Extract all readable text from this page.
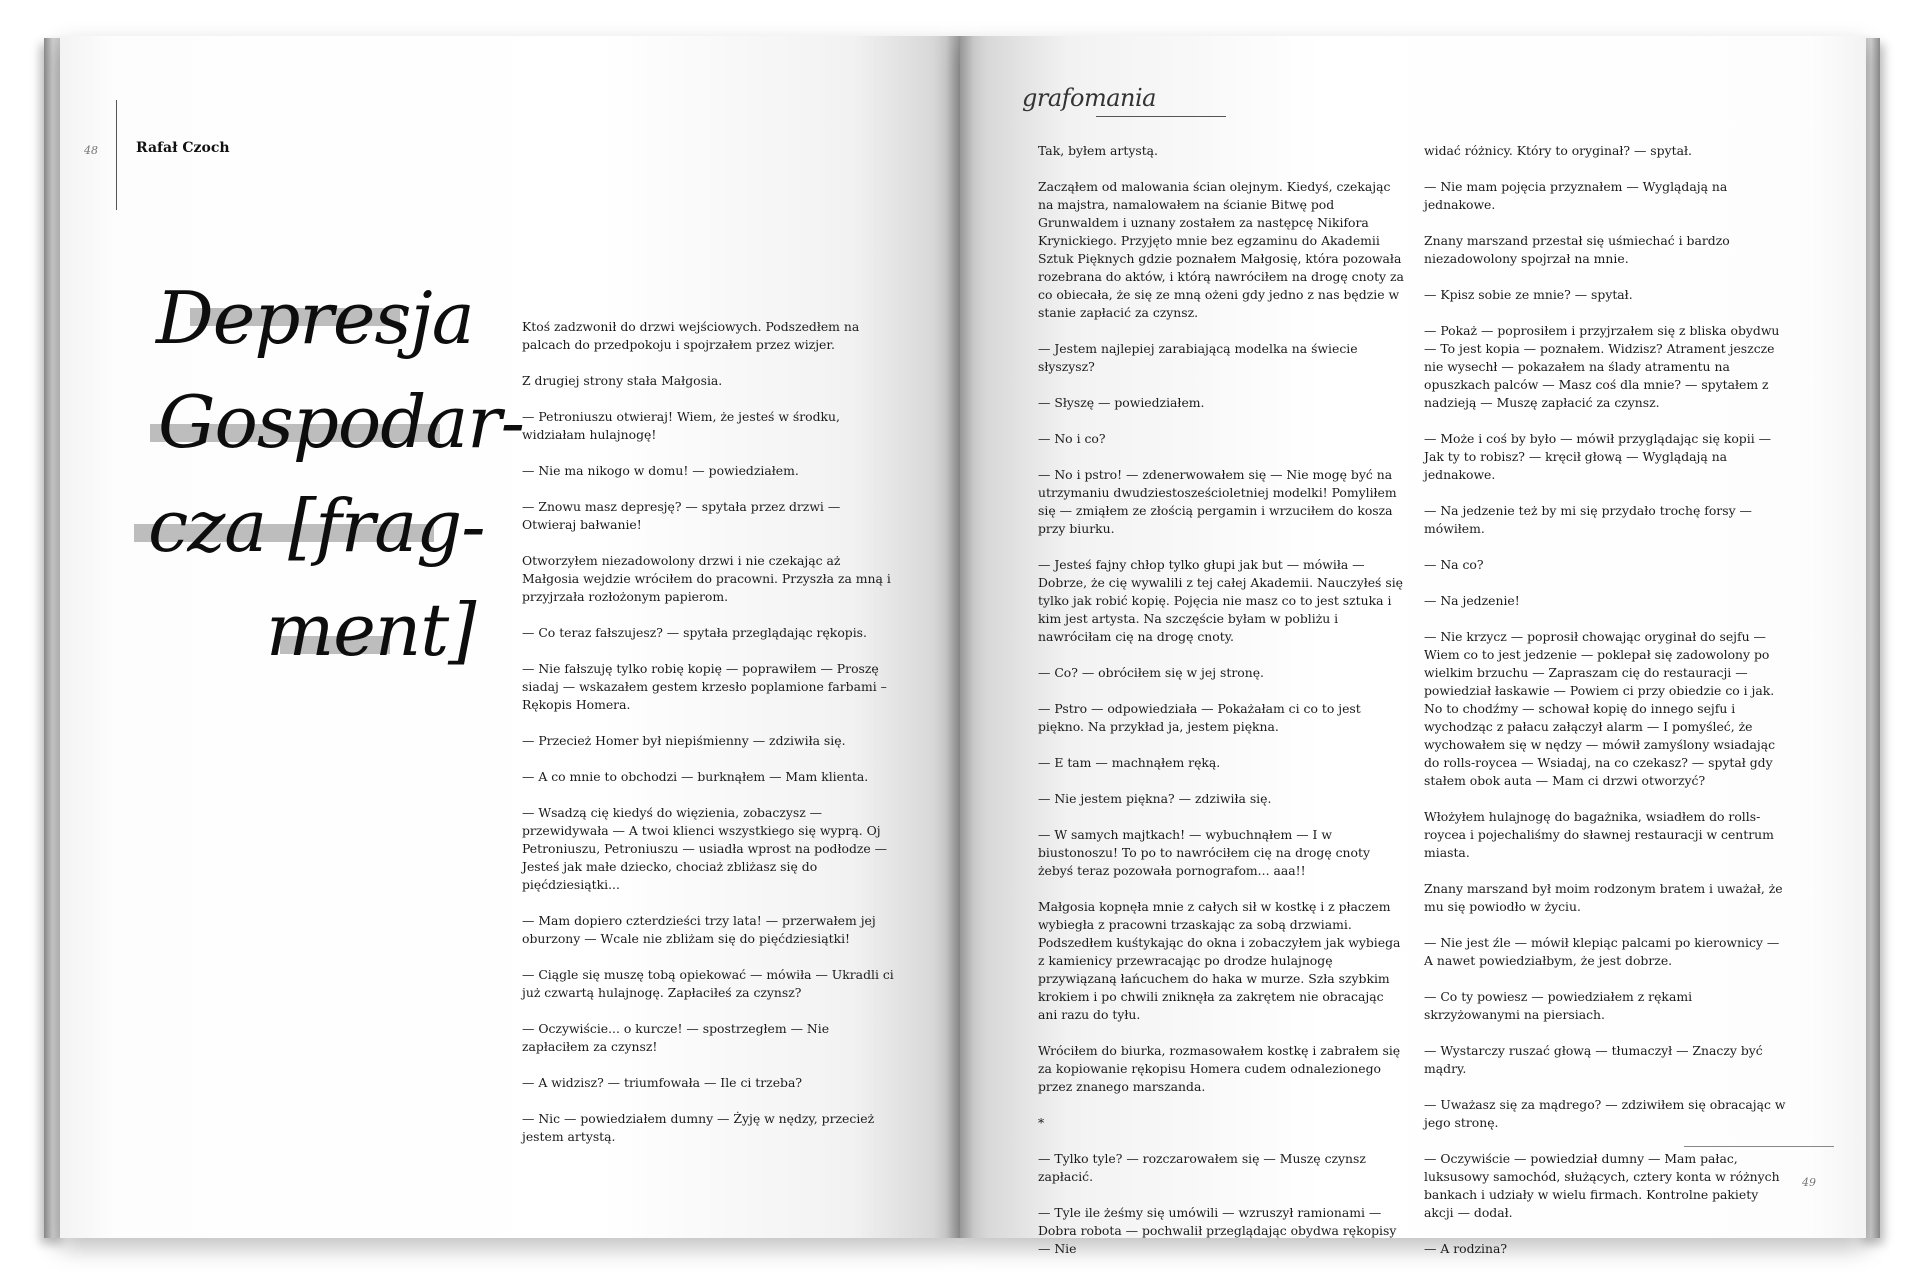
48	Rafał Czoch
Depresja
Gospodar-
cza [frag-
ment]

Ktoś zadzwonił do drzwi wejściowych. Podszedłem na palcach do przedpokoju i spojrzałem przez wizjer.

Z drugiej strony stała Małgosia.

— Petroniuszu otwieraj! Wiem, że jesteś w środku, widziałam hulajnogę!

— Nie ma nikogo w domu! — powiedziałem.

— Znowu masz depresję? — spytała przez drzwi — Otwieraj bałwanie!

Otworzyłem niezadowolony drzwi i nie czekając aż Małgosia wejdzie wróciłem do pracowni. Przyszła za mną i przyjrzała rozłożonym papierom.

— Co teraz fałszujesz? — spytała przeglądając rękopis.

— Nie fałszuję tylko robię kopię — poprawiłem — Proszę siadaj — wskazałem gestem krzesło poplamione farbami – Rękopis Homera.

— Przecież Homer był niepiśmienny — zdziwiła się.

— A co mnie to obchodzi — burknąłem — Mam klienta.

— Wsadzą cię kiedyś do więzienia, zobaczysz — przewidywała — A twoi klienci wszystkiego się wyprą. Oj Petroniuszu, Petroniuszu — usiadła wprost na podłodze — Jesteś jak małe dziecko, chociaż zbliżasz się do pięćdziesiątki...

— Mam dopiero czterdzieści trzy lata! — przerwałem jej oburzony — Wcale nie zbliżam się do pięćdziesiątki!

— Ciągle się muszę tobą opiekować — mówiła — Ukradli ci już czwartą hulajnogę. Zapłaciłeś za czynsz?

— Oczywiście... o kurcze! — spostrzegłem — Nie zapłaciłem za czynsz!

— A widzisz? — triumfowała — Ile ci trzeba?

— Nic — powiedziałem dumny — Żyję w nędzy, przecież jestem artystą.

grafomania

Tak, byłem artystą.

Zacząłem od malowania ścian olejnym. Kiedyś, czekając na majstra, namalowałem na ścianie Bitwę pod Grunwaldem i uznany zostałem za następcę Nikifora Krynickiego. Przyjęto mnie bez egzaminu do Akademii Sztuk Pięknych gdzie poznałem Małgosię, która pozowała rozebrana do aktów, i którą nawróciłem na drogę cnoty za co obiecała, że się ze mną ożeni gdy jedno z nas będzie w stanie zapłacić za czynsz.

— Jestem najlepiej zarabiającą modelka na świecie słyszysz?

— Słyszę — powiedziałem.

— No i co?

— No i pstro! — zdenerwowałem się — Nie mogę być na utrzymaniu dwudziestosześcioletniej modelki! Pomyliłem się — zmiąłem ze złością pergamin i wrzuciłem do kosza przy biurku.

— Jesteś fajny chłop tylko głupi jak but — mówiła — Dobrze, że cię wywalili z tej całej Akademii. Nauczyłeś się tylko jak robić kopię. Pojęcia nie masz co to jest sztuka i kim jest artysta. Na szczęście byłam w pobliżu i nawróciłam cię na drogę cnoty.

— Co? — obróciłem się w jej stronę.

— Pstro — odpowiedziała — Pokażałam ci co to jest piękno. Na przykład ja, jestem piękna.

— E tam — machnąłem ręką.

— Nie jestem piękna? — zdziwiła się.

— W samych majtkach! — wybuchnąłem — I w biustonoszu! To po to nawróciłem cię na drogę cnoty żebyś teraz pozowała pornografom... aaa!!

Małgosia kopnęła mnie z całych sił w kostkę i z płaczem wybiegła z pracowni trzaskając za sobą drzwiami. Podszedłem kuśtykając do okna i zobaczyłem jak wybiega z kamienicy przewracając po drodze hulajnogę przywiązaną łańcuchem do haka w murze. Szła szybkim krokiem i po chwili zniknęła za zakrętem nie obracając ani razu do tyłu.

Wróciłem do biurka, rozmasowałem kostkę i zabrałem się za kopiowanie rękopisu Homera cudem odnalezionego przez znanego marszanda.

*

— Tylko tyle? — rozczarowałem się — Muszę czynsz zapłacić.

— Tyle ile żeśmy się umówili — wzruszył ramionami — Dobra robota — pochwalił przeglądając obydwa rękopisy — Nie

widać różnicy. Który to oryginał? — spytał.

— Nie mam pojęcia przyznałem — Wyglądają na jednakowe.

Znany marszand przestał się uśmiechać i bardzo niezadowolony spojrzał na mnie.

— Kpisz sobie ze mnie? — spytał.

— Pokaż — poprosiłem i przyjrzałem się z bliska obydwu — To jest kopia — poznałem. Widzisz? Atrament jeszcze nie wysechł — pokazałem na ślady atramentu na opuszkach palców — Masz coś dla mnie? — spytałem z nadzieją — Muszę zapłacić za czynsz.

— Może i coś by było — mówił przyglądając się kopii — Jak ty to robisz? — kręcił głową — Wyglądają na jednakowe.

— Na jedzenie też by mi się przydało trochę forsy — mówiłem.

— Na co?

— Na jedzenie!

— Nie krzycz — poprosił chowając oryginał do sejfu — Wiem co to jest jedzenie — poklepał się zadowolony po wielkim brzuchu — Zapraszam cię do restauracji — powiedział łaskawie — Powiem ci przy obiedzie co i jak. No to chodźmy — schował kopię do innego sejfu i wychodząc z pałacu załączył alarm — I pomyśleć, że wychowałem się w nędzy — mówił zamyślony wsiadając do rolls-roycea — Wsiadaj, na co czekasz? — spytał gdy stałem obok auta — Mam ci drzwi otworzyć?

Włożyłem hulajnogę do bagażnika, wsiadłem do rolls-roycea i pojechaliśmy do sławnej restauracji w centrum miasta.

Znany marszand był moim rodzonym bratem i uważał, że mu się powiodło w życiu.

— Nie jest źle — mówił klepiąc palcami po kierownicy — A nawet powiedziałbym, że jest dobrze.

— Co ty powiesz — powiedziałem z rękami skrzyżowanymi na piersiach.

— Wystarczy ruszać głową — tłumaczył — Znaczy być mądry.

— Uważasz się za mądrego? — zdziwiłem się obracając w jego stronę.

— Oczywiście — powiedział dumny — Mam pałac, luksusowy samochód, służących, cztery konta w różnych bankach i udziały w wielu firmach. Kontrolne pakiety akcji — dodał.

— A rodzina?

49
